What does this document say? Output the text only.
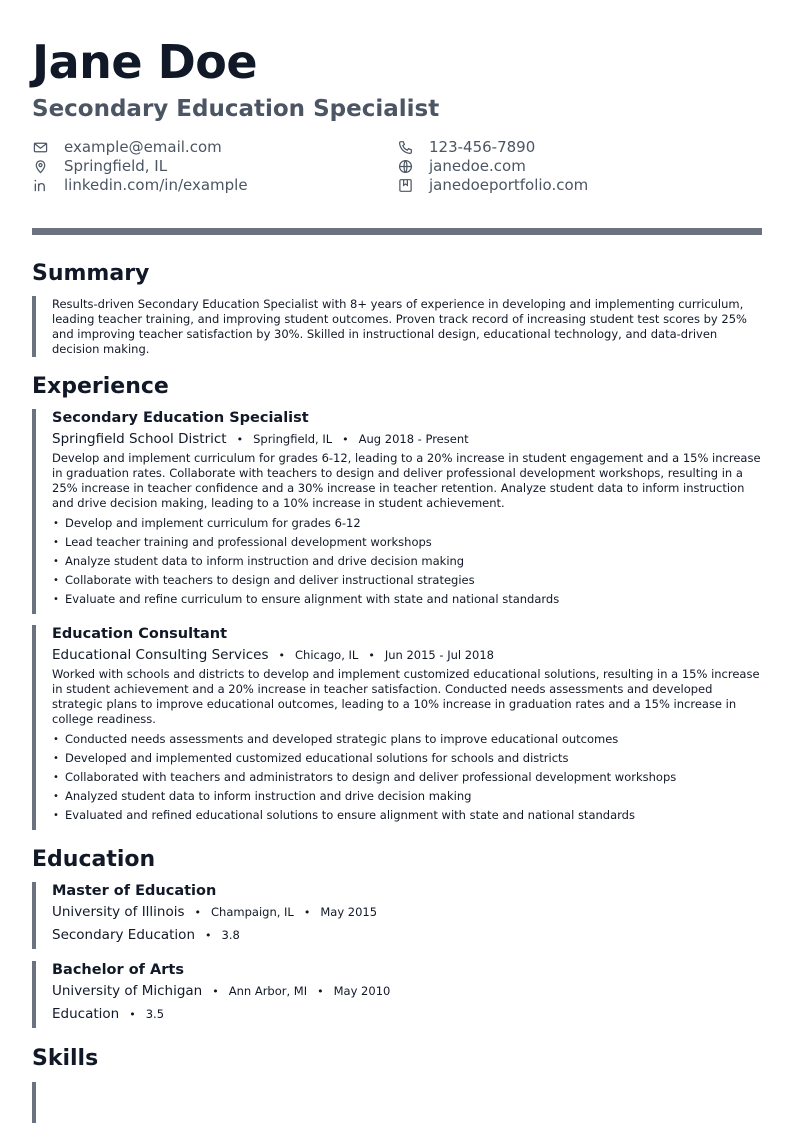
Jane Doe
Secondary Education Specialist
example@email.com
Springfield, IL
linkedin.com/in/example
123-456-7890
janedoe.com
janedoeportfolio.com
Summary

Results-driven Secondary Education Specialist with 8+ years of experience in developing and implementing curriculum, leading teacher training, and improving student outcomes. Proven track record of increasing student test scores by 25% and improving teacher satisfaction by 30%. Skilled in instructional design, educational technology, and data-driven decision making.

Experience
Secondary Education Specialist
Springfield School District • Springfield, IL • Aug 2018 - Present

Develop and implement curriculum for grades 6-12, leading to a 20% increase in student engagement and a 15% increase in graduation rates. Collaborate with teachers to design and deliver professional development workshops, resulting in a 25% increase in teacher confidence and a 30% increase in teacher retention. Analyze student data to inform instruction and drive decision making, leading to a 10% increase in student achievement.

• Develop and implement curriculum for grades 6-12
• Lead teacher training and professional development workshops
• Analyze student data to inform instruction and drive decision making
• Collaborate with teachers to design and deliver instructional strategies
• Evaluate and refine curriculum to ensure alignment with state and national standards
Education Consultant
Educational Consulting Services • Chicago, IL • Jun 2015 - Jul 2018

Worked with schools and districts to develop and implement customized educational solutions, resulting in a 15% increase in student achievement and a 20% increase in teacher satisfaction. Conducted needs assessments and developed strategic plans to improve educational outcomes, leading to a 10% increase in graduation rates and a 15% increase in college readiness.

• Conducted needs assessments and developed strategic plans to improve educational outcomes
• Developed and implemented customized educational solutions for schools and districts
• Collaborated with teachers and administrators to design and deliver professional development workshops
• Analyzed student data to inform instruction and drive decision making
• Evaluated and refined educational solutions to ensure alignment with state and national standards
Education
Master of Education
University of Illinois • Champaign, IL • May 2015
Secondary Education • 3.8
Bachelor of Arts
University of Michigan • Ann Arbor, MI • May 2010
Education • 3.5
Skills
